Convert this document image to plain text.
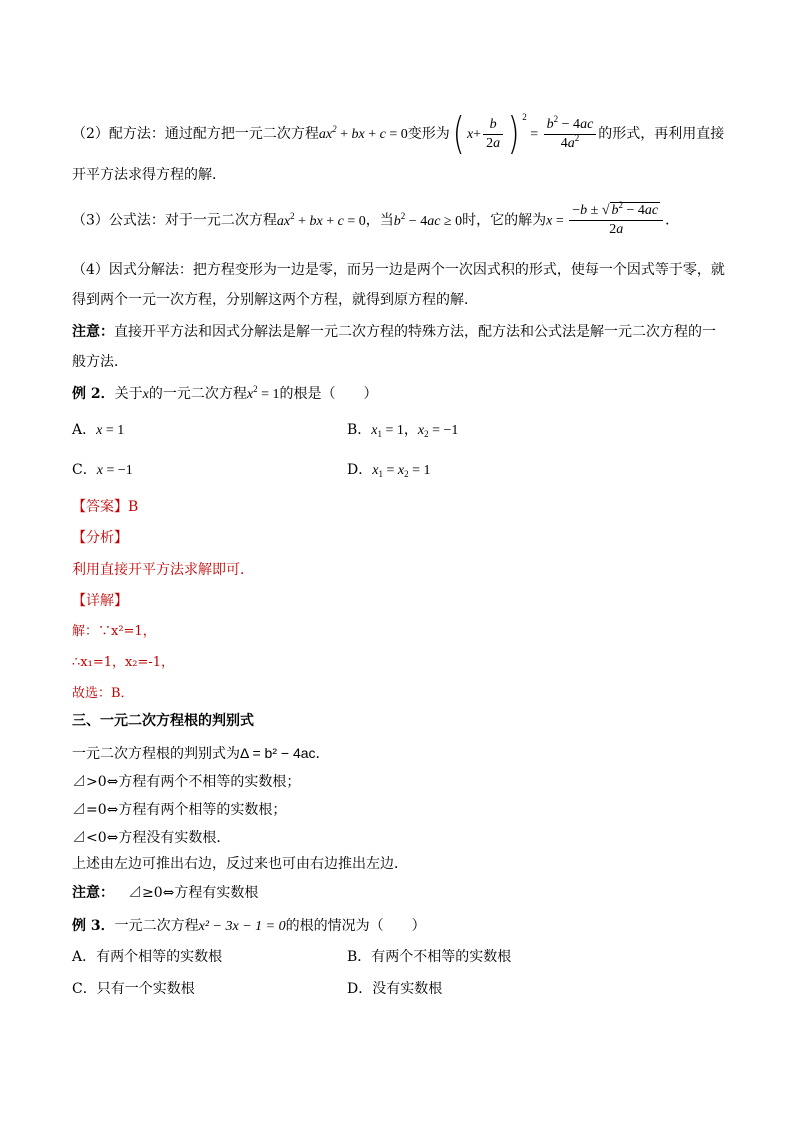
（2）配方法：通过配方把一元二次方程$ax^2$ + bx + c = 0变形为( $x+ \frac{b}{2a}$ ) $^2 = \frac{b^2 - 4ac}{4a^2}$ 的形式，再利用直接
开平方法求得方程的解．
（3）公式法：对于一元二次方程$ax^2$ + bx + c = 0，当$b^2 - 4ac \ge 0$时，它的解为$x = \frac{-b \pm √ b^2 - 4ac}{2a}$ ．
（4）因式分解法：把方程变形为一边是零，而另一边是两个一次因式积的形式，使每一个因式等于零，就
得到两个一元一次方程，分别解这两个方程，就得到原方程的解．
注意：直接开平方法和因式分解法是解一元二次方程的特殊方法，配方法和公式法是解一元二次方程的一
般方法．
例 2．关于x的一元二次方程$x^2 = 1$的根是（　　）
A．x = 1	B．$x_1 = 1$，$x_2 = -1$
C．x = −1	D．$x_1 = x_2 = 1$
【答案】B
【分析】
利用直接开平方法求解即可．
【详解】
解：∵x²=1，
∴x₁=1，x₂=-1，
故选：B．
三、一元二次方程根的判别式
一元二次方程根的判别式为Δ = b² − 4ac．
⊿>0⇔方程有两个不相等的实数根；
⊿=0⇔方程有两个相等的实数根；
⊿<0⇔方程没有实数根．
上述由左边可推出右边，反过来也可由右边推出左边．
注意： ⊿≥0⇔方程有实数根
例 3．一元二次方程x² − 3x − 1 = 0的根的情况为（　　）
A．有两个相等的实数根	B．有两个不相等的实数根
C．只有一个实数根	D．没有实数根
